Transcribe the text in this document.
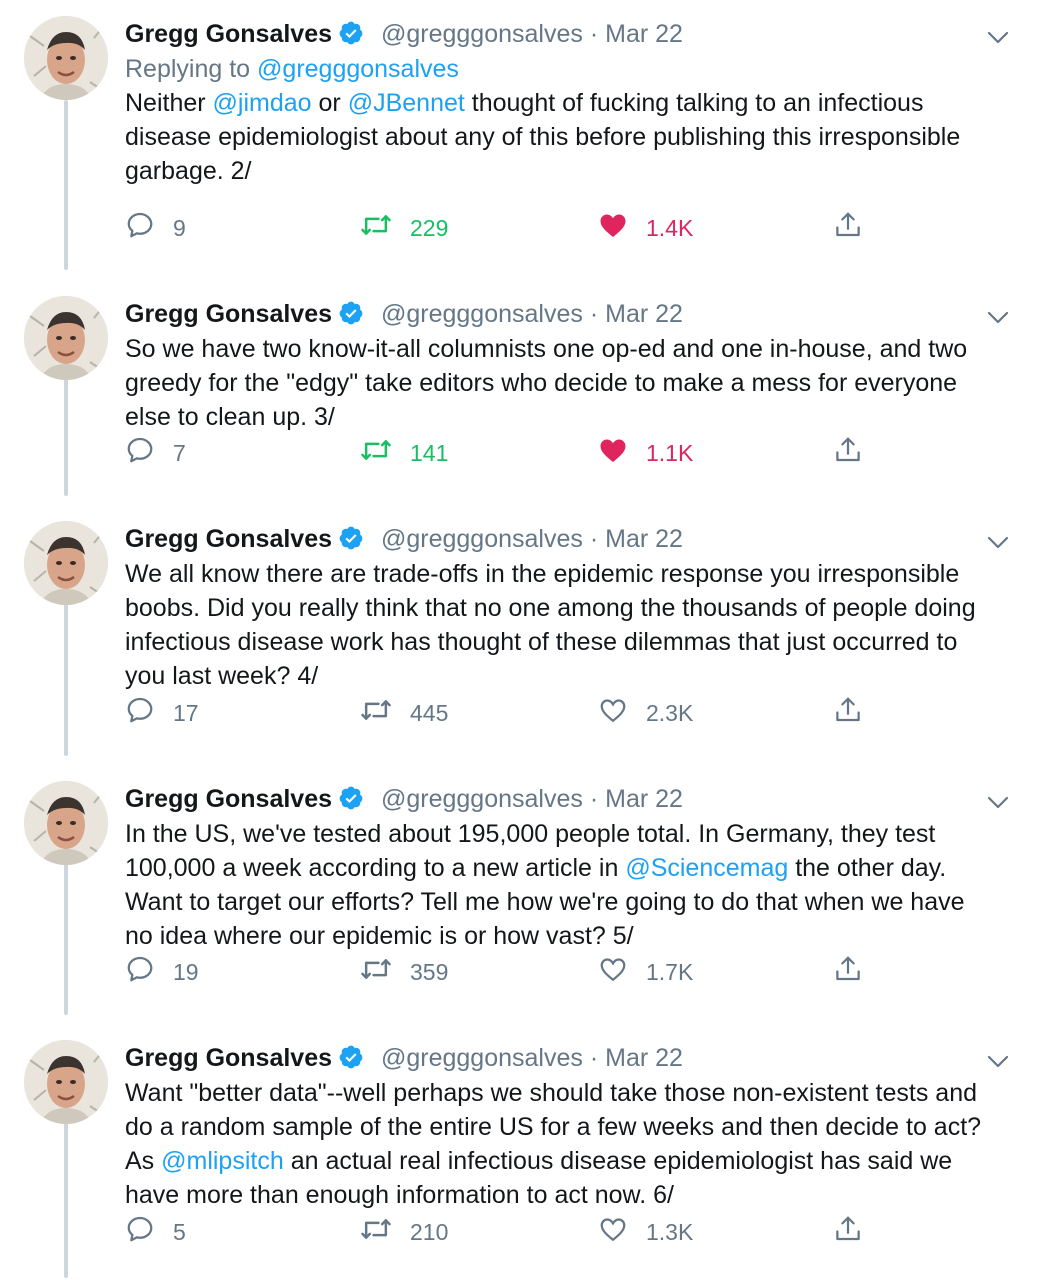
Gregg Gonsalves @gregggonsalves · Mar 22
Replying to @gregggonsalves
Neither @jimdao or @JBennet thought of fucking talking to an infectious
disease epidemiologist about any of this before publishing this irresponsible
garbage. 2/
9	229	1.4K
Gregg Gonsalves @gregggonsalves · Mar 22
So we have two know-it-all columnists one op-ed and one in-house, and two
greedy for the "edgy" take editors who decide to make a mess for everyone
else to clean up. 3/
7	141	1.1K
Gregg Gonsalves @gregggonsalves · Mar 22
We all know there are trade-offs in the epidemic response you irresponsible
boobs. Did you really think that no one among the thousands of people doing
infectious disease work has thought of these dilemmas that just occurred to
you last week? 4/
17	445	2.3K
Gregg Gonsalves @gregggonsalves · Mar 22
In the US, we've tested about 195,000 people total. In Germany, they test
100,000 a week according to a new article in @Sciencemag the other day.
Want to target our efforts? Tell me how we're going to do that when we have
no idea where our epidemic is or how vast? 5/
19	359	1.7K
Gregg Gonsalves @gregggonsalves · Mar 22
Want "better data"--well perhaps we should take those non-existent tests and
do a random sample of the entire US for a few weeks and then decide to act?
As @mlipsitch an actual real infectious disease epidemiologist has said we
have more than enough information to act now. 6/
5	210	1.3K
